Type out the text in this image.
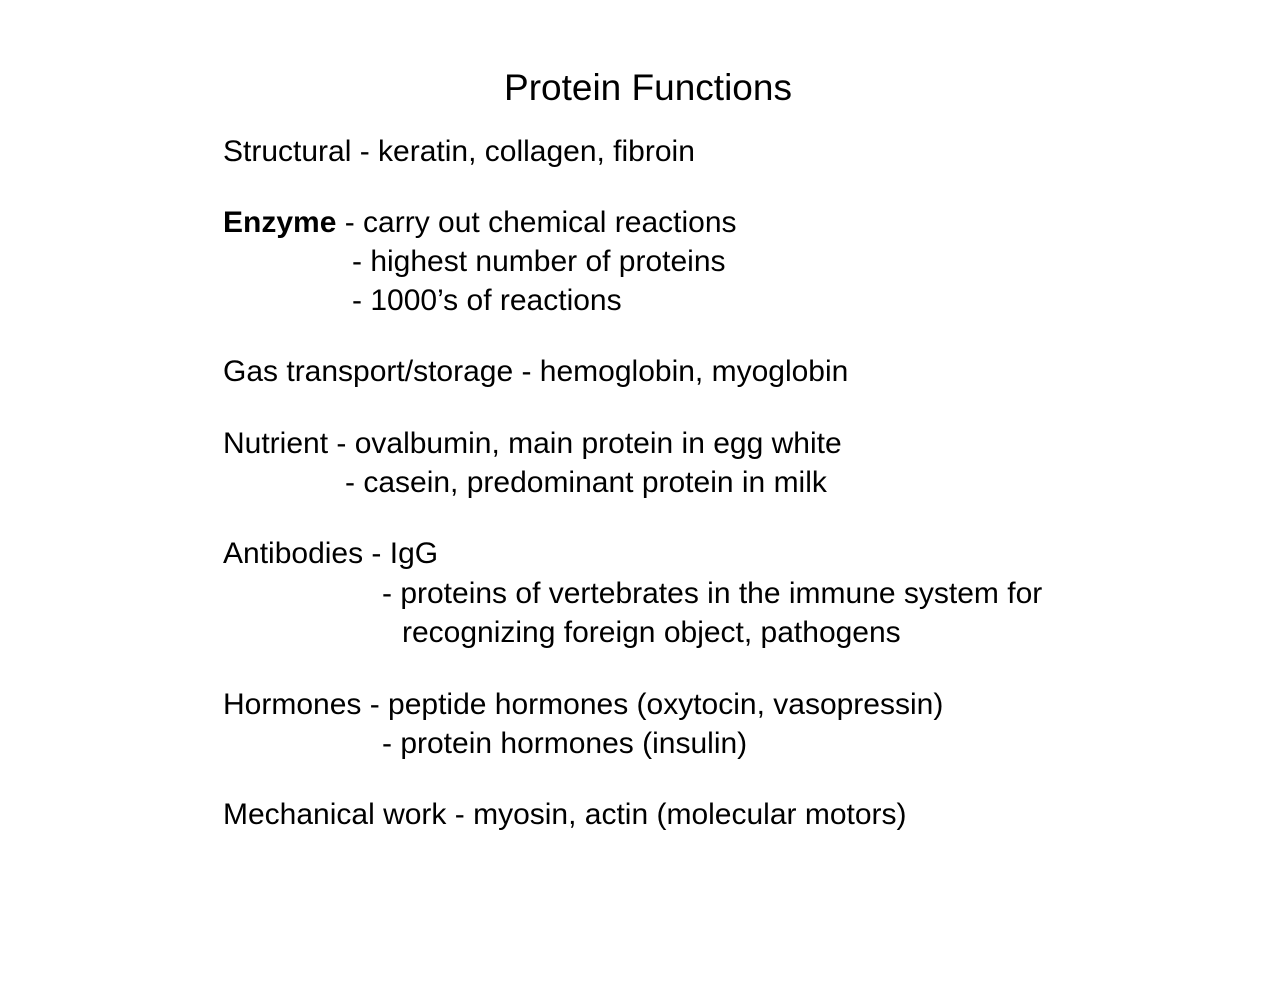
Protein Functions
Structural - keratin, collagen, fibroin
Enzyme - carry out chemical reactions
- highest number of proteins
- 1000’s of reactions
Gas transport/storage - hemoglobin, myoglobin
Nutrient - ovalbumin, main protein in egg white
- casein, predominant protein in milk
Antibodies - IgG
- proteins of vertebrates in the immune system for
recognizing foreign object, pathogens
Hormones - peptide hormones (oxytocin, vasopressin)
- protein hormones (insulin)
Mechanical work - myosin, actin (molecular motors)
